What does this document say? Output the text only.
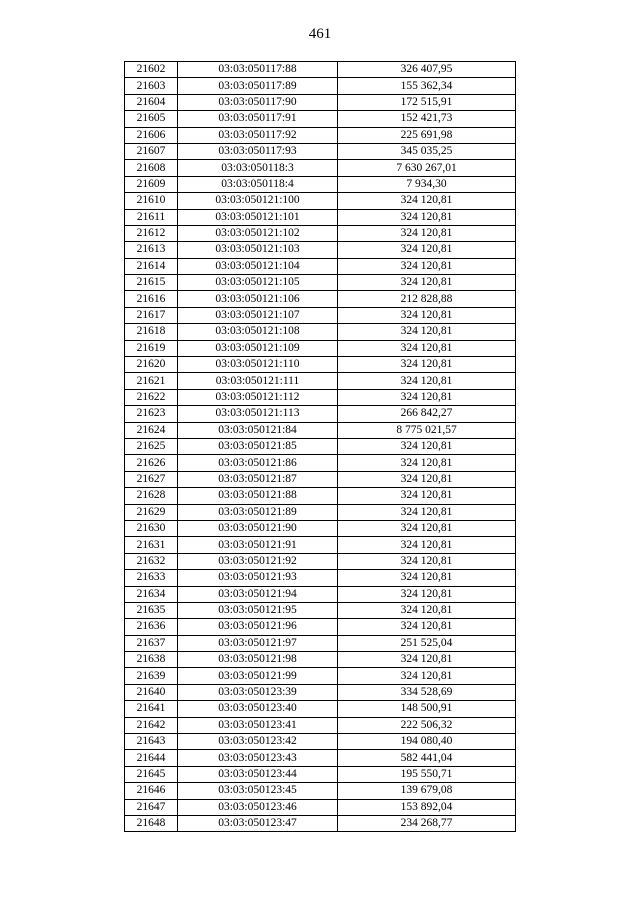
461
21602	03:03:050117:88	326 407,95
21603	03:03:050117:89	155 362,34
21604	03:03:050117:90	172 515,91
21605	03:03:050117:91	152 421,73
21606	03:03:050117:92	225 691,98
21607	03:03:050117:93	345 035,25
21608	03:03:050118:3	7 630 267,01
21609	03:03:050118:4	7 934,30
21610	03:03:050121:100	324 120,81
21611	03:03:050121:101	324 120,81
21612	03:03:050121:102	324 120,81
21613	03:03:050121:103	324 120,81
21614	03:03:050121:104	324 120,81
21615	03:03:050121:105	324 120,81
21616	03:03:050121:106	212 828,88
21617	03:03:050121:107	324 120,81
21618	03:03:050121:108	324 120,81
21619	03:03:050121:109	324 120,81
21620	03:03:050121:110	324 120,81
21621	03:03:050121:111	324 120,81
21622	03:03:050121:112	324 120,81
21623	03:03:050121:113	266 842,27
21624	03:03:050121:84	8 775 021,57
21625	03:03:050121:85	324 120,81
21626	03:03:050121:86	324 120,81
21627	03:03:050121:87	324 120,81
21628	03:03:050121:88	324 120,81
21629	03:03:050121:89	324 120,81
21630	03:03:050121:90	324 120,81
21631	03:03:050121:91	324 120,81
21632	03:03:050121:92	324 120,81
21633	03:03:050121:93	324 120,81
21634	03:03:050121:94	324 120,81
21635	03:03:050121:95	324 120,81
21636	03:03:050121:96	324 120,81
21637	03:03:050121:97	251 525,04
21638	03:03:050121:98	324 120,81
21639	03:03:050121:99	324 120,81
21640	03:03:050123:39	334 528,69
21641	03:03:050123:40	148 500,91
21642	03:03:050123:41	222 506,32
21643	03:03:050123:42	194 080,40
21644	03:03:050123:43	582 441,04
21645	03:03:050123:44	195 550,71
21646	03:03:050123:45	139 679,08
21647	03:03:050123:46	153 892,04
21648	03:03:050123:47	234 268,77
